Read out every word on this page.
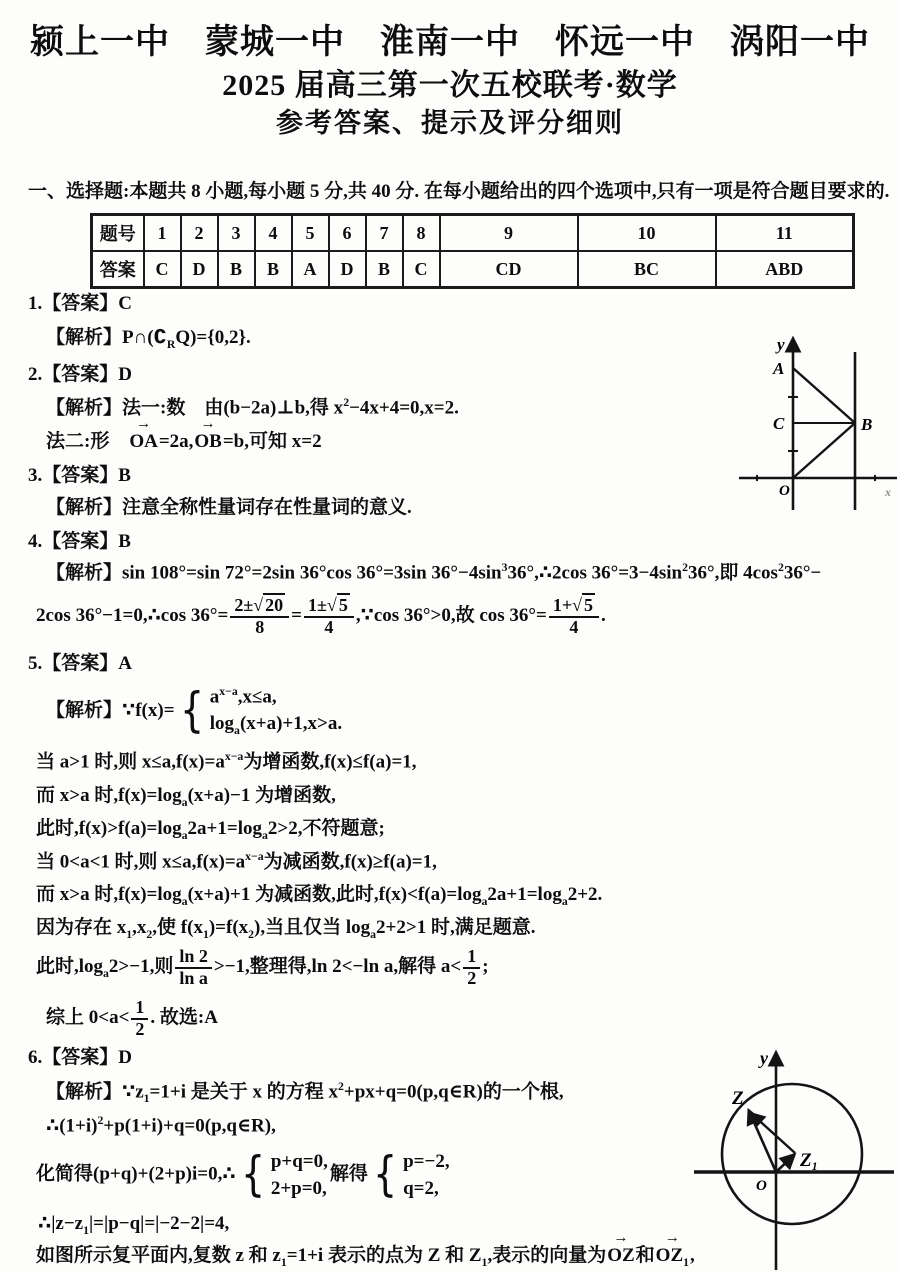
颍上一中　蒙城一中　淮南一中　怀远一中　涡阳一中
2025 届高三第一次五校联考·数学
参考答案、提示及评分细则
一、选择题:本题共 8 小题,每小题 5 分,共 40 分. 在每小题给出的四个选项中,只有一项是符合题目要求的.
题号	1	2	3	4	5	6	7	8	9	10	11
答案	C	D	B	B	A	D	B	C	CD	BC	ABD
1.【答案】C
【解析】$P\cap(∁_RQ)=\{0,2\}$.
2.【答案】D
【解析】法一:数　由(b−2a)⊥b,得 $x^2-4x+4=0,x=2$.
法二:形　
→
OA=2a,
→
OB=b,可知 x=2
3.【答案】B
【解析】注意全称性量词存在性量词的意义.
4.【答案】B
【解析】sin 108°=sin 72°=2sin 36°cos 36°=3sin $36^\circ-4\sin^336^\circ,\therefore 2\cos$ $36^\circ=3-4\sin^236^\circ$,即 $4\cos^236^\circ-$
2cos 36°−1=0,∴cos $36^\circ= \frac{2\pm√ 20}{8} = \frac{1\pm√ 5}{4}$ ,∵cos 36°>0,故 $\cos 36^\circ= \frac{1+√ 5}{4}$ .
5.【答案】A
【解析】∵f(x)= { $a^{x-a},x\le a$,
$\log_a(x+a)+1,x>a$.
当 a>1 时,则 $x\le a,f(x)=a^{x-a}$为增函数,f(x)≤f(a)=1,
而 x>a 时$,f(x)=\log_a(x+a)-1$ 为增函数,
此时$,f(x)>f(a)=\log_a2a+1=\log_a2>2$,不符题意;
当 0<a<1 时,则 $x\le a,f(x)=a^{x-a}$为减函数,f(x)≥f(a)=1,
而 x>a 时$,f(x)=\log_a(x+a)+1$ 为减函数,此时$,f(x)<f(a)=\log_a2a+1=\log_a2+2$.
因为存在 $x_1,x_2$,使 $f(x_1)=f(x_2)$,当且仅当 $\log_a2+2>1$ 时,满足题意.
此时$,\log_a2>-1$,则 $\frac{\ln 2}{\text{ln a}} >-1$,整理得,ln 2<−ln a,解得 $a< \frac{1}{2}$ ;
综上 $0<a< \frac{1}{2}$ . 故选:A
6.【答案】D
【解析】$\because z_1=1+i$ 是关于 x 的方程 $x^2+px+q=0(p,q\in R)$的一个根,
$\therefore(1+i)^2+p(1+i)+q=0(p,q\in R)$,
化简得(p+q)+(2+p)i=0,∴ { p+q=0,
2+p=0,
解得 { p=−2,
q=2,
$\therefore|z-z_1|=|p-q|=|-2-2|=4$,
如图所示复平面内,复数 z 和 $z_1=1+i$ 表示的点为 Z 和 $Z_1$,表示的向量为
→
OZ和
→
$OZ_1$,
y
A
C	B
O	x
y
Z
Z₁
O
